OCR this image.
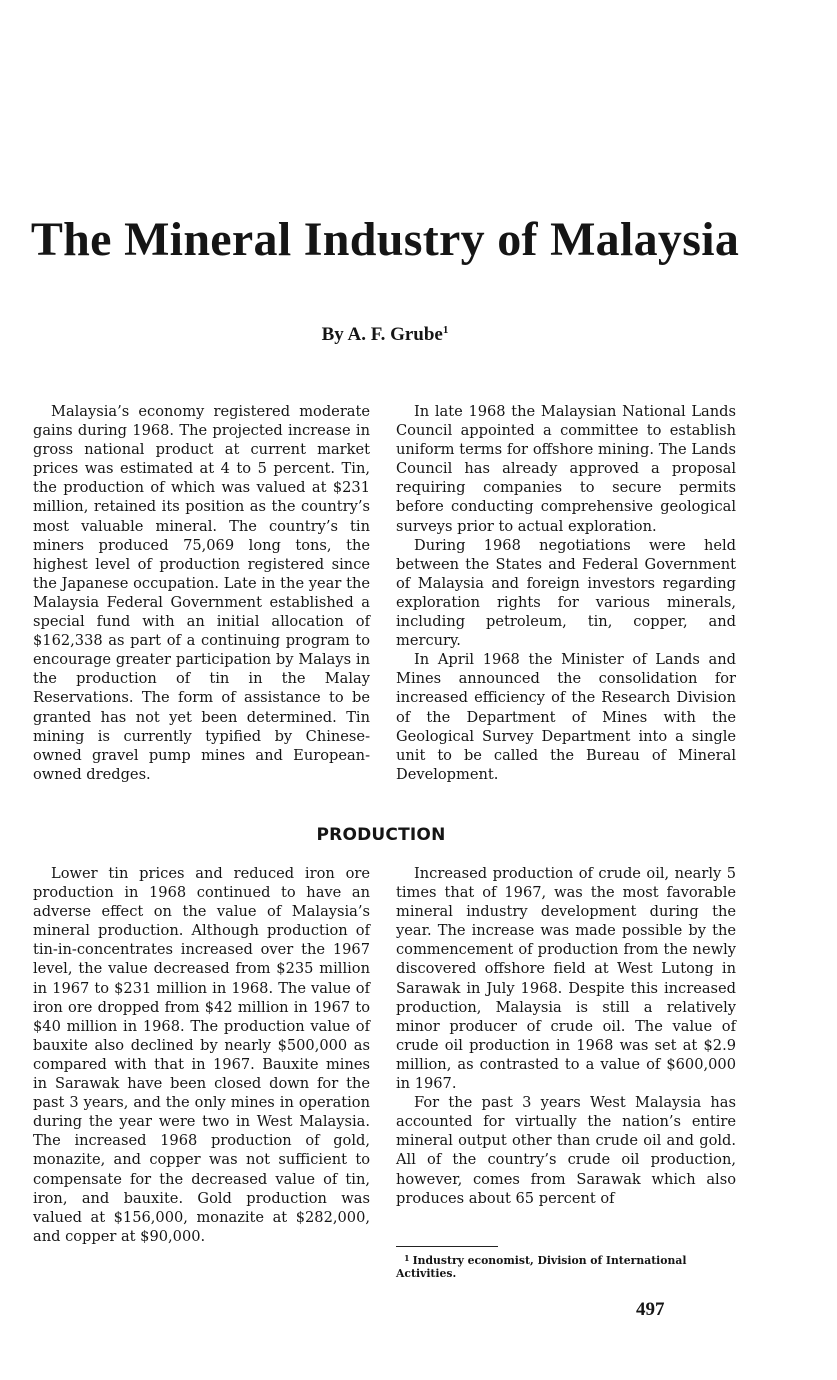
The Mineral Industry of Malaysia
By A. F. Grube$^1$

Malaysia’s economy registered moderate gains during 1968. The projected increase in gross national product at current market prices was estimated at 4 to 5 percent. Tin, the production of which was valued at $231 million, retained its position as the country’s most valuable mineral. The country’s tin miners produced 75,069 long tons, the highest level of production registered since the Japanese occupation. Late in the year the Malaysia Federal Government established a special fund with an initial allocation of $162,338 as part of a continuing program to encourage greater participation by Malays in the production of tin in the Malay Reservations. The form of assistance to be granted has not yet been determined. Tin mining is currently typified by Chinese-owned gravel pump mines and European-owned dredges.

In late 1968 the Malaysian National Lands Council appointed a committee to establish uniform terms for offshore mining. The Lands Council has already approved a proposal requiring companies to secure permits before conducting comprehensive geological surveys prior to actual exploration.

During 1968 negotiations were held between the States and Federal Government of Malaysia and foreign investors regarding exploration rights for various minerals, including petroleum, tin, copper, and mercury.

In April 1968 the Minister of Lands and Mines announced the consolidation for increased efficiency of the Research Division of the Department of Mines with the Geological Survey Department into a single unit to be called the Bureau of Mineral Development.

PRODUCTION

Lower tin prices and reduced iron ore production in 1968 continued to have an adverse effect on the value of Malaysia’s mineral production. Although production of tin-in-concentrates increased over the 1967 level, the value decreased from $235 million in 1967 to $231 million in 1968. The value of iron ore dropped from $42 million in 1967 to $40 million in 1968. The production value of bauxite also declined by nearly $500,000 as compared with that in 1967. Bauxite mines in Sarawak have been closed down for the past 3 years, and the only mines in operation during the year were two in West Malaysia. The increased 1968 production of gold, monazite, and copper was not sufficient to compensate for the decreased value of tin, iron, and bauxite. Gold production was valued at $156,000, monazite at $282,000, and copper at $90,000.

Increased production of crude oil, nearly 5 times that of 1967, was the most favorable mineral industry development during the year. The increase was made possible by the commencement of production from the newly discovered offshore field at West Lutong in Sarawak in July 1968. Despite this increased production, Malaysia is still a relatively minor producer of crude oil. The value of crude oil production in 1968 was set at $2.9 million, as contrasted to a value of $600,000 in 1967.

For the past 3 years West Malaysia has accounted for virtually the nation’s entire mineral output other than crude oil and gold. All of the country’s crude oil production, however, comes from Sarawak which also produces about 65 percent of

$^1$ Industry economist, Division of International Activities.
497
